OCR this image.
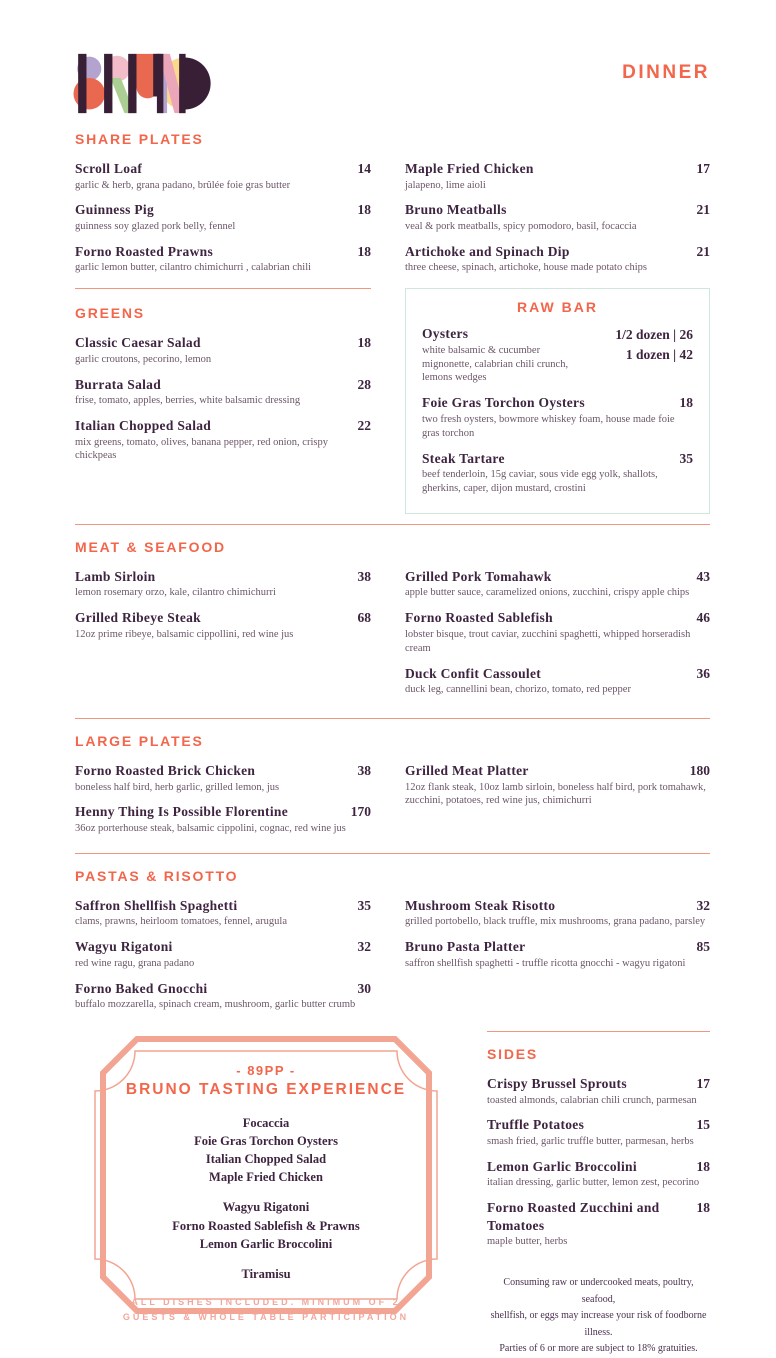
DINNER
SHARE PLATES
Scroll Loaf	14
garlic & herb, grana padano, brûlée foie gras butter
Guinness Pig	18
guinness soy glazed pork belly, fennel
Forno Roasted Prawns	18
garlic lemon butter, cilantro chimichurri , calabrian chili
Maple Fried Chicken	17
jalapeno, lime aioli
Bruno Meatballs	21
veal & pork meatballs, spicy pomodoro, basil, focaccia
Artichoke and Spinach Dip	21
three cheese, spinach, artichoke, house made potato chips
GREENS
Classic Caesar Salad	18
garlic croutons, pecorino, lemon
Burrata Salad	28
frise, tomato, apples, berries, white balsamic dressing
Italian Chopped Salad	22
mix greens, tomato, olives, banana pepper, red onion, crispy chickpeas
RAW BAR
Oysters
white balsamic & cucumber mignonette, calabrian chili crunch, lemons wedges
1/2 dozen | 26
1 dozen | 42
Foie Gras Torchon Oysters	18
two fresh oysters, bowmore whiskey foam, house made foie gras torchon
Steak Tartare	35
beef tenderloin, 15g caviar, sous vide egg yolk, shallots, gherkins, caper, dijon mustard, crostini
MEAT & SEAFOOD
Lamb Sirloin	38
lemon rosemary orzo, kale, cilantro chimichurri
Grilled Ribeye Steak	68
12oz prime ribeye, balsamic cippollini, red wine jus
Grilled Pork Tomahawk	43
apple butter sauce, caramelized onions, zucchini, crispy apple chips
Forno Roasted Sablefish	46
lobster bisque, trout caviar, zucchini spaghetti, whipped horseradish cream
Duck Confit Cassoulet	36
duck leg, cannellini bean, chorizo, tomato, red pepper
LARGE PLATES
Forno Roasted Brick Chicken	38
boneless half bird, herb garlic, grilled lemon, jus
Henny Thing Is Possible Florentine	170
36oz porterhouse steak, balsamic cippolini, cognac, red wine jus
Grilled Meat Platter	180
12oz flank steak, 10oz lamb sirloin, boneless half bird, pork tomahawk, zucchini, potatoes, red wine jus, chimichurri
PASTAS & RISOTTO
Saffron Shellfish Spaghetti	35
clams, prawns, heirloom tomatoes, fennel, arugula
Wagyu Rigatoni	32
red wine ragu, grana padano
Forno Baked Gnocchi	30
buffalo mozzarella, spinach cream, mushroom, garlic butter crumb
Mushroom Steak Risotto	32
grilled portobello, black truffle, mix mushrooms, grana padano, parsley
Bruno Pasta Platter	85
saffron shellfish spaghetti - truffle ricotta gnocchi - wagyu rigatoni
- 89PP -
BRUNO TASTING EXPERIENCE
Focaccia
Foie Gras Torchon Oysters
Italian Chopped Salad
Maple Fried Chicken
Wagyu Rigatoni
Forno Roasted Sablefish & Prawns
Lemon Garlic Broccolini
Tiramisu
ALL DISHES INCLUDED. MINIMUM OF 2
GUESTS & WHOLE TABLE PARTICIPATION
SIDES
Crispy Brussel Sprouts	17
toasted almonds, calabrian chili crunch, parmesan
Truffle Potatoes	15
smash fried, garlic truffle butter, parmesan, herbs
Lemon Garlic Broccolini	18
italian dressing, garlic butter, lemon zest, pecorino
Forno Roasted Zucchini and Tomatoes
18
maple butter, herbs
Consuming raw or undercooked meats, poultry, seafood,
shellfish, or eggs may increase your risk of foodborne illness.
Parties of 6 or more are subject to 18% gratuities.
